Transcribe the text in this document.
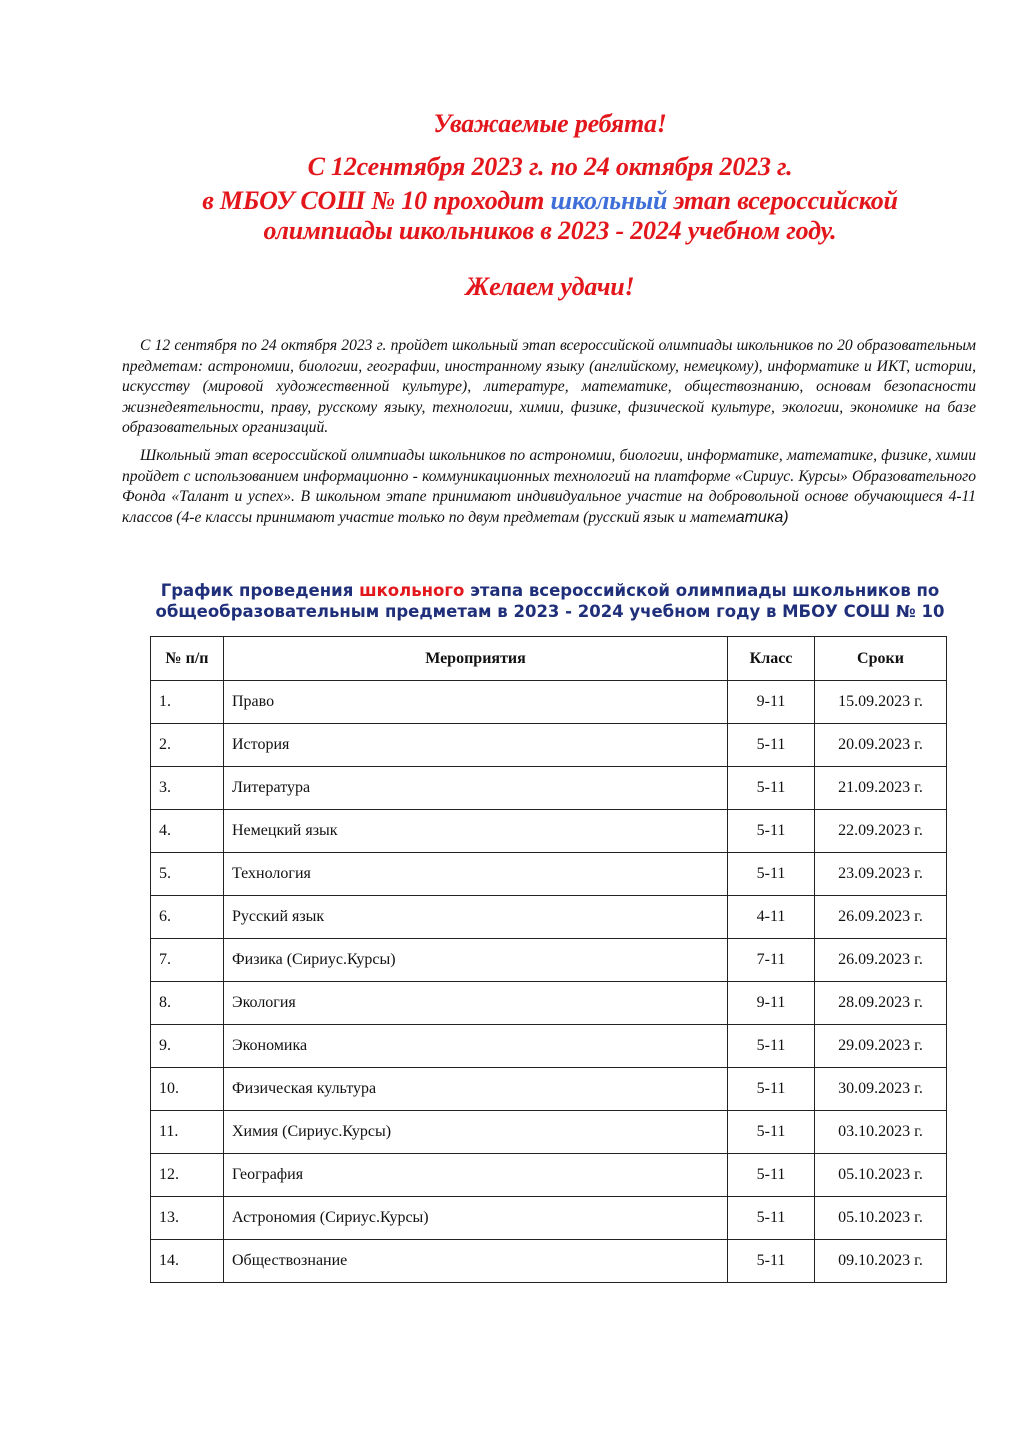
Уважаемые ребята!
С 12сентября 2023 г. по 24 октября 2023 г.
в МБОУ СОШ № 10 проходит школьный этап всероссийской
олимпиады школьников в 2023 - 2024 учебном году.
Желаем удачи!
С 12 сентября по 24 октября 2023 г. пройдет школьный этап всероссийской олимпиады школьников по 20 образовательным предметам: астрономии, биологии, географии, иностранному языку (английскому, немецкому), информатике и ИКТ, истории, искусству (мировой художественной культуре), литературе, математике, обществознанию, основам безопасности жизнедеятельности, праву, русскому языку, технологии, химии, физике, физической культуре, экологии, экономике на базе образовательных организаций.
Школьный этап всероссийской олимпиады школьников по астрономии, биологии, информатике, математике, физике, химии пройдет с использованием информационно - коммуникационных технологий на платформе «Сириус. Курсы» Образовательного Фонда «Талант и успех». В школьном этапе принимают индивидуальное участие на добровольной основе обучающиеся 4-11 классов (4-е классы принимают участие только по двум предметам (русский язык и математика)
График проведения школьного этапа всероссийской олимпиады школьников по общеобразовательным предметам в 2023 - 2024 учебном году в МБОУ СОШ № 10
№ п/п	Мероприятия	Класс	Сроки
1.	Право	9-11	15.09.2023 г.
2.	История	5-11	20.09.2023 г.
3.	Литература	5-11	21.09.2023 г.
4.	Немецкий язык	5-11	22.09.2023 г.
5.	Технология	5-11	23.09.2023 г.
6.	Русский язык	4-11	26.09.2023 г.
7.	Физика (Сириус.Курсы)	7-11	26.09.2023 г.
8.	Экология	9-11	28.09.2023 г.
9.	Экономика	5-11	29.09.2023 г.
10.	Физическая культура	5-11	30.09.2023 г.
11.	Химия (Сириус.Курсы)	5-11	03.10.2023 г.
12.	География	5-11	05.10.2023 г.
13.	Астрономия (Сириус.Курсы)	5-11	05.10.2023 г.
14.	Обществознание	5-11	09.10.2023 г.
